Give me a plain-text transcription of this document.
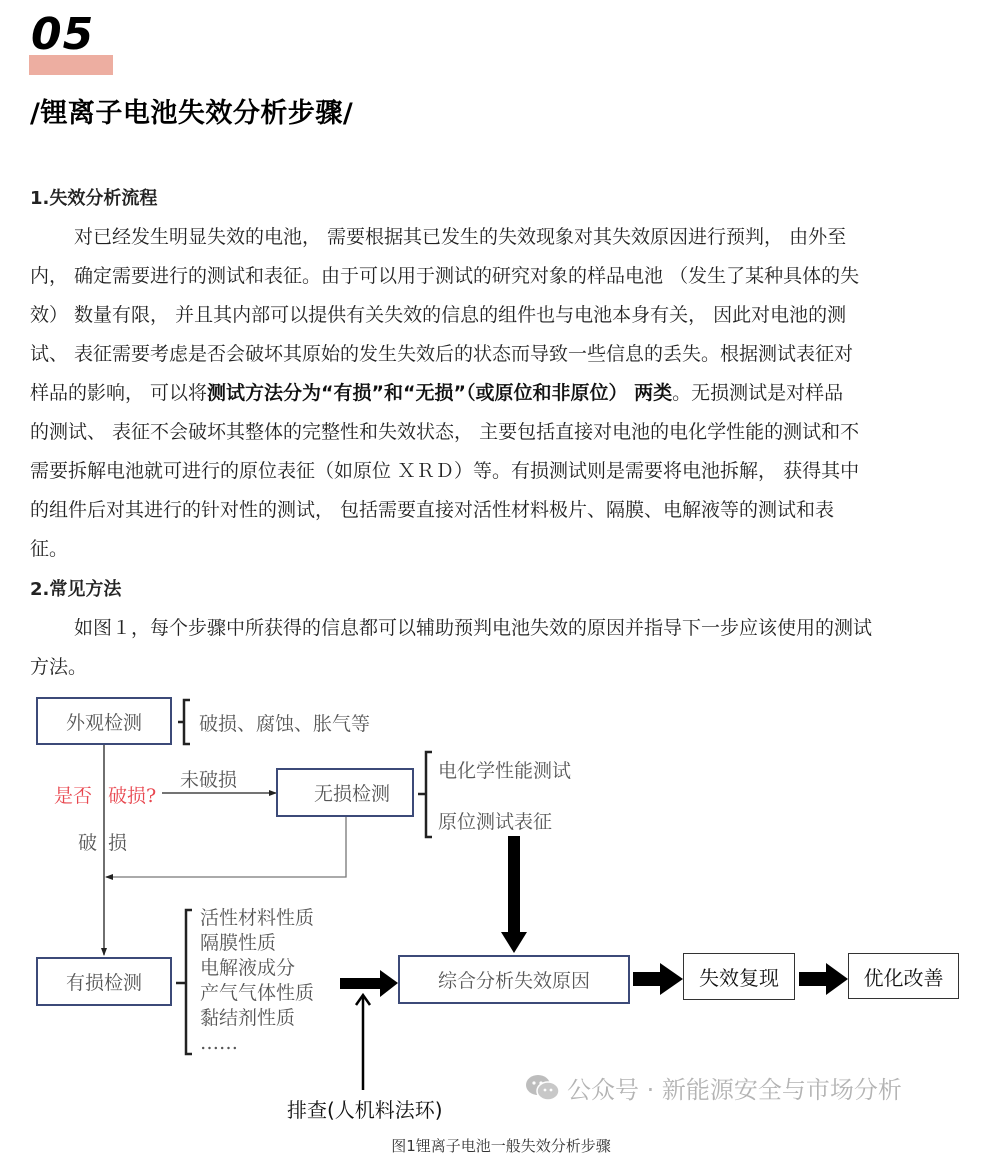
05
/锂离子电池失效分析步骤/
1.失效分析流程
对已经发生明显失效的电池， 需要根据其已发生的失效现象对其失效原因进行预判， 由外至
内， 确定需要进行的测试和表征。由于可以用于测试的研究对象的样品电池 （发生了某种具体的失
效） 数量有限， 并且其内部可以提供有关失效的信息的组件也与电池本身有关， 因此对电池的测
试、 表征需要考虑是否会破坏其原始的发生失效后的状态而导致一些信息的丢失。根据测试表征对
样品的影响， 可以将测试方法分为“有损”和“无损”（或原位和非原位） 两类。无损测试是对样品
的测试、 表征不会破坏其整体的完整性和失效状态， 主要包括直接对电池的电化学性能的测试和不
需要拆解电池就可进行的原位表征（如原位 ＸＲＤ）等。有损测试则是需要将电池拆解， 获得其中
的组件后对其进行的针对性的测试， 包括需要直接对活性材料极片、隔膜、电解液等的测试和表
征。
2.常见方法
如图１，每个步骤中所获得的信息都可以辅助预判电池失效的原因并指导下一步应该使用的测试
方法。
外观检测	破损、腐蚀、胀气等
是否 破损?
未破损
破 损
无损检测
电化学性能测试
原位测试表征
有损检测
活性材料性质
隔膜性质
电解液成分
产气气体性质
黏结剂性质
……
综合分析失效原因	失效复现	优化改善
排查(人机料法环)
公众号 · 新能源安全与市场分析
图1锂离子电池一般失效分析步骤
